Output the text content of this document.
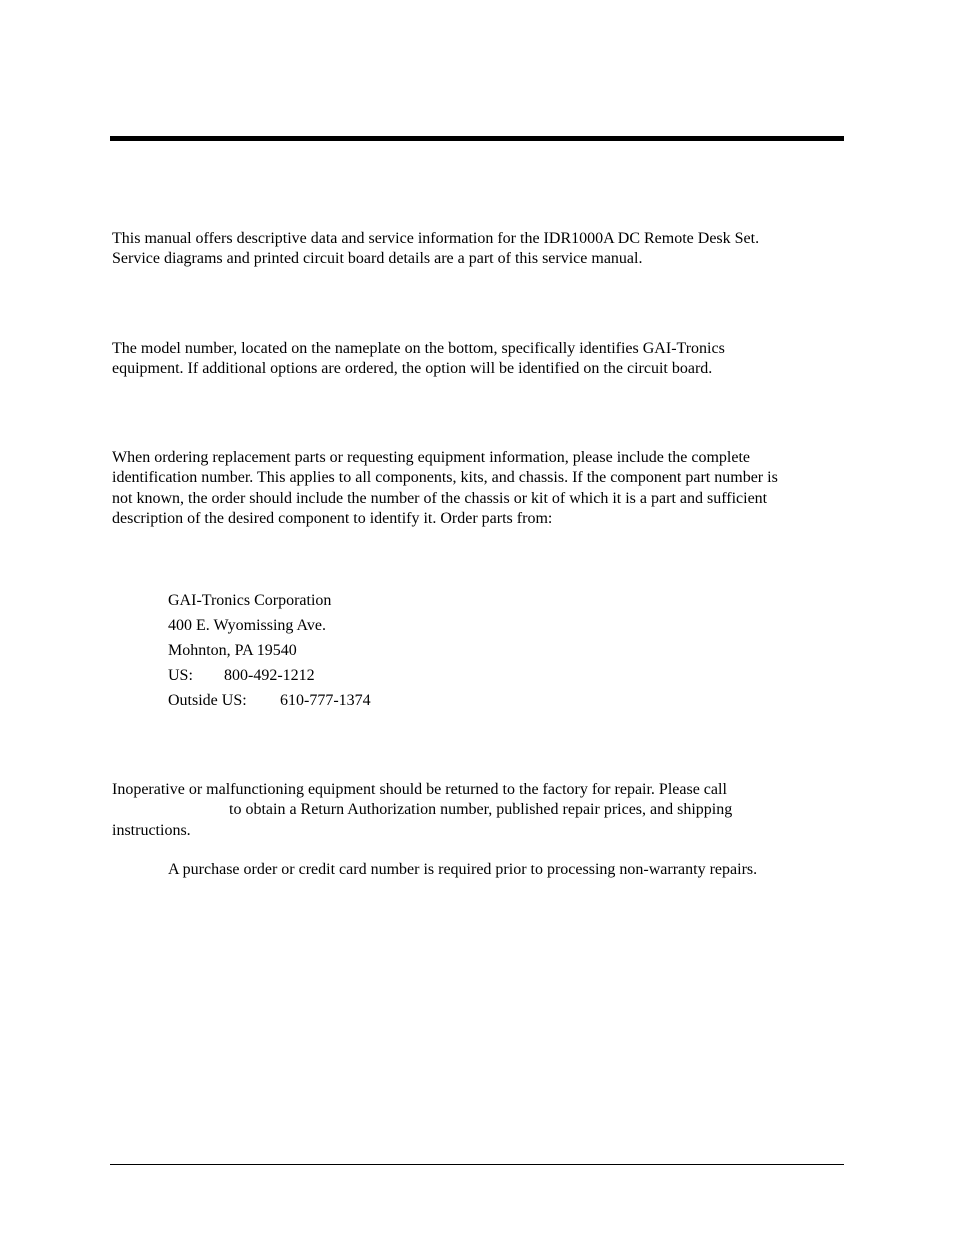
This manual offers descriptive data and service information for the IDR1000A DC Remote Desk Set.
Service diagrams and printed circuit board details are a part of this service manual.
The model number, located on the nameplate on the bottom, specifically identifies GAI-Tronics
equipment. If additional options are ordered, the option will be identified on the circuit board.
When ordering replacement parts or requesting equipment information, please include the complete
identification number. This applies to all components, kits, and chassis. If the component part number is
not known, the order should include the number of the chassis or kit of which it is a part and sufficient
description of the desired component to identify it. Order parts from:
GAI-Tronics Corporation
400 E. Wyomissing Ave.
Mohnton, PA 19540
US: 800-492-1212
Outside US: 610-777-1374
Inoperative or malfunctioning equipment should be returned to the factory for repair. Please call
to obtain a Return Authorization number, published repair prices, and shipping
instructions.
A purchase order or credit card number is required prior to processing non-warranty repairs.
